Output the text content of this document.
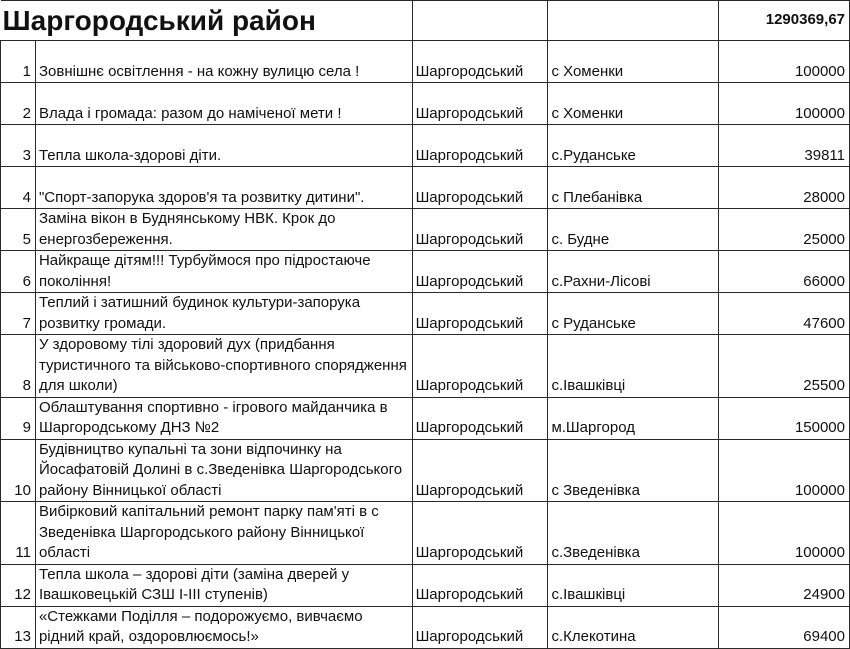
Шаргородський район				1290369,67
1	Зовнішнє освітлення - на кожну вулицю села !	Шаргородський	с Хоменки	100000
2	Влада і громада: разом до наміченої мети !	Шаргородський	с Хоменки	100000
3	Тепла школа-здорові діти.	Шаргородський	с.Руданське	39811
4	"Спорт-запорука здоров'я та розвитку дитини".	Шаргородський	с Плебанівка	28000
5	Заміна вікон в Буднянському НВК. Крок до енергозбереження.	Шаргородський	с. Будне	25000
6	Найкраще дітям!!! Турбуймося про підростаюче покоління!	Шаргородський	с.Рахни-Лісові	66000
7	Теплий і затишний будинок культури-запорука розвитку громади.	Шаргородський	с Руданське	47600
8	У здоровому тілі здоровий дух (придбання туристичного та військово-спортивного спорядження для школи)	Шаргородський	с.Івашківці	25500
9	Облаштування спортивно - ігрового майданчика в Шаргородському ДНЗ №2	Шаргородський	м.Шаргород	150000
10	Будівництво купальні та зони відпочинку на Йосафатовій Долині в с.Зведенівка Шаргородського району Вінницької області	Шаргородський	с Зведенівка	100000
11	Вибірковий капітальний ремонт парку пам'яті в с Зведенівка Шаргородського району Вінницької області	Шаргородський	с.Зведенівка	100000
12	Тепла школа – здорові діти (заміна дверей у Івашковецькій СЗШ І-ІІІ ступенів)	Шаргородський	с.Івашківці	24900
13	«Стежками Поділля – подорожуємо, вивчаємо рідний край, оздоровлюємось!»	Шаргородський	с.Клекотина	69400
